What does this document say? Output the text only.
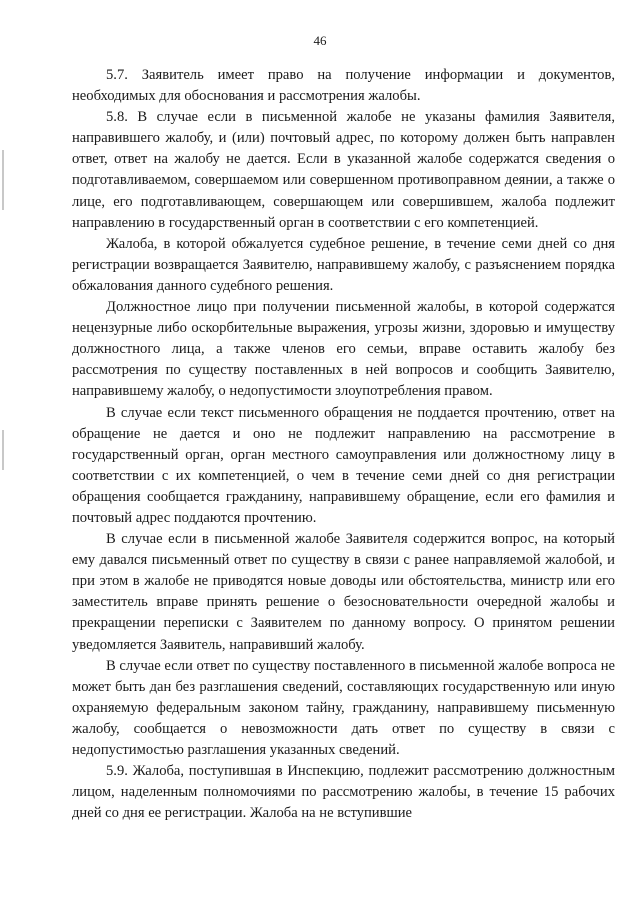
46

5.7. Заявитель имеет право на получение информации и документов, необходимых для обоснования и рассмотрения жалобы.

5.8. В случае если в письменной жалобе не указаны фамилия Заявителя, направившего жалобу, и (или) почтовый адрес, по которому должен быть направлен ответ, ответ на жалобу не дается. Если в указанной жалобе содержатся сведения о подготавливаемом, совершаемом или совершенном противоправном деянии, а также о лице, его подготавливающем, совершающем или совершившем, жалоба подлежит направлению в государственный орган в соответствии с его компетенцией.

Жалоба, в которой обжалуется судебное решение, в течение семи дней со дня регистрации возвращается Заявителю, направившему жалобу, с разъяснением порядка обжалования данного судебного решения.

Должностное лицо при получении письменной жалобы, в которой содержатся нецензурные либо оскорбительные выражения, угрозы жизни, здоровью и имуществу должностного лица, а также членов его семьи, вправе оставить жалобу без рассмотрения по существу поставленных в ней вопросов и сообщить Заявителю, направившему жалобу, о недопустимости злоупотребления правом.

В случае если текст письменного обращения не поддается прочтению, ответ на обращение не дается и оно не подлежит направлению на рассмотрение в государственный орган, орган местного самоуправления или должностному лицу в соответствии с их компетенцией, о чем в течение семи дней со дня регистрации обращения сообщается гражданину, направившему обращение, если его фамилия и почтовый адрес поддаются прочтению.

В случае если в письменной жалобе Заявителя содержится вопрос, на который ему давался письменный ответ по существу в связи с ранее направляемой жалобой, и при этом в жалобе не приводятся новые доводы или обстоятельства, министр или его заместитель вправе принять решение о безосновательности очередной жалобы и прекращении переписки с Заявителем по данному вопросу. О принятом решении уведомляется Заявитель, направивший жалобу.

В случае если ответ по существу поставленного в письменной жалобе вопроса не может быть дан без разглашения сведений, составляющих государственную или иную охраняемую федеральным законом тайну, гражданину, направившему письменную жалобу, сообщается о невозможности дать ответ по существу в связи с недопустимостью разглашения указанных сведений.

5.9. Жалоба, поступившая в Инспекцию, подлежит рассмотрению должностным лицом, наделенным полномочиями по рассмотрению жалобы, в течение 15 рабочих дней со дня ее регистрации. Жалоба на не вступившие
